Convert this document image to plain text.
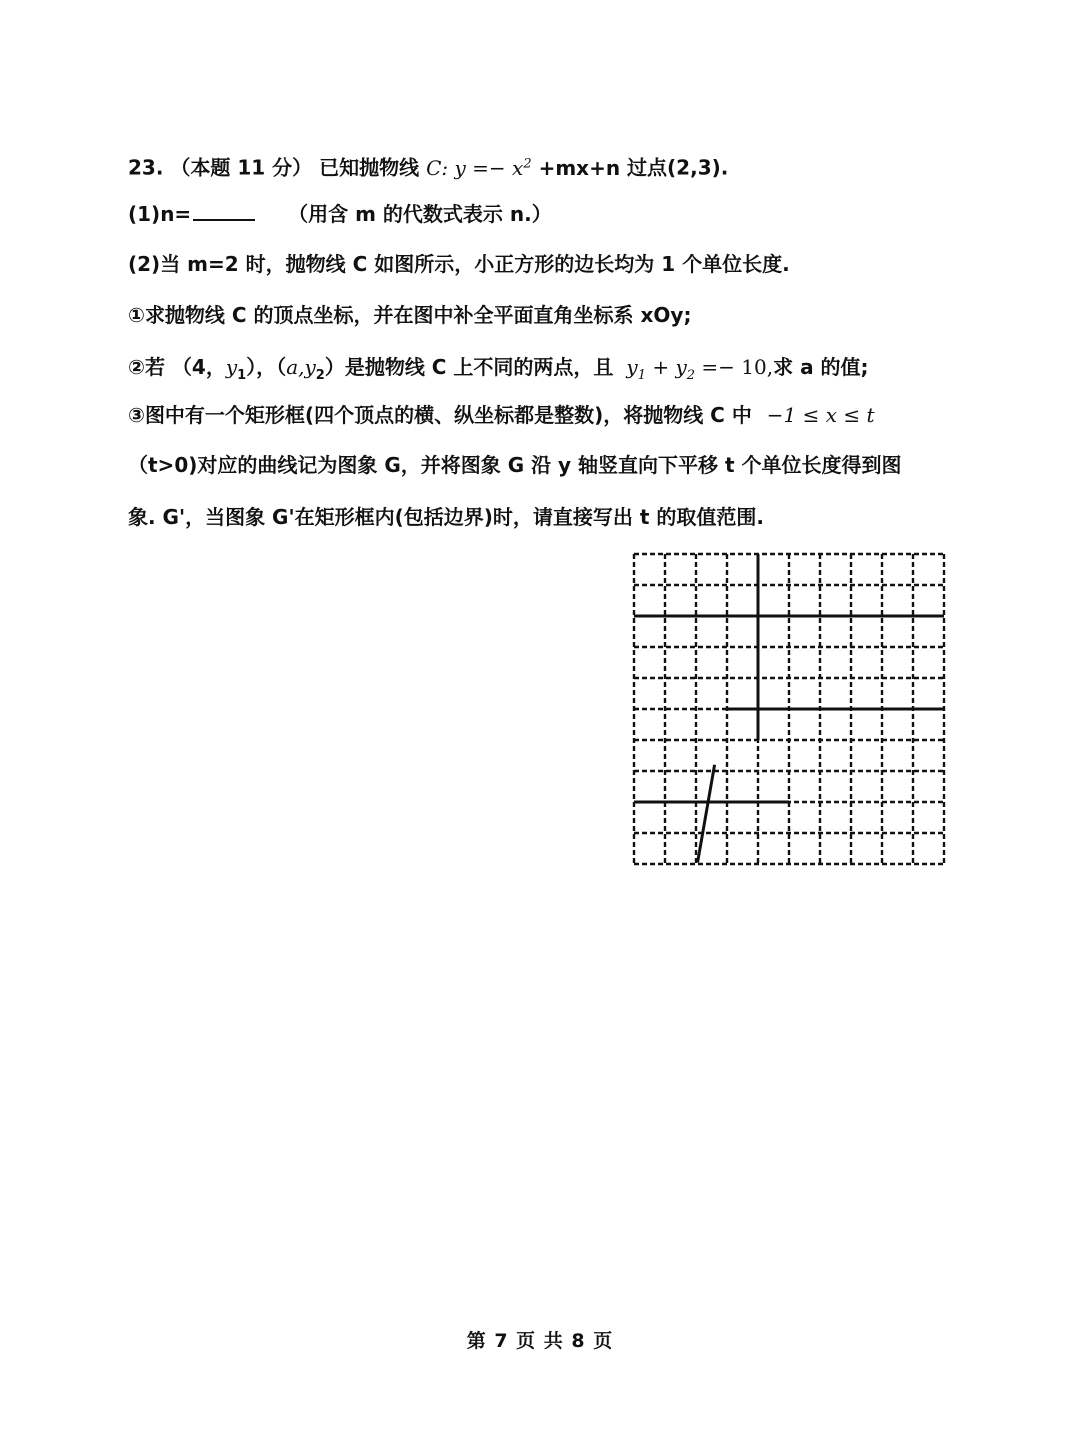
23. （本题 11 分） 已知抛物线 C: $y =- x^2 +mx+n$ 过点(2,3).
(1)n=	（用含 m 的代数式表示 n.）
(2)当 m=2 时，抛物线 C 如图所示，小正方形的边长均为 1 个单位长度.
①求抛物线 C 的顶点坐标，并在图中补全平面直角坐标系 xOy;
②若 （4，$y_1$），$(a,y_2)$是抛物线 C 上不同的两点，且 $y_1 + y_2 =- 10$,求 a 的值;
③图中有一个矩形框(四个顶点的横、纵坐标都是整数)，将抛物线 C 中 −1 ≤ x ≤ t
（t>0)对应的曲线记为图象 G，并将图象 G 沿 y 轴竖直向下平移 t 个单位长度得到图
象. G'，当图象 G'在矩形框内(包括边界)时，请直接写出 t 的取值范围.
第 7 页 共 8 页
